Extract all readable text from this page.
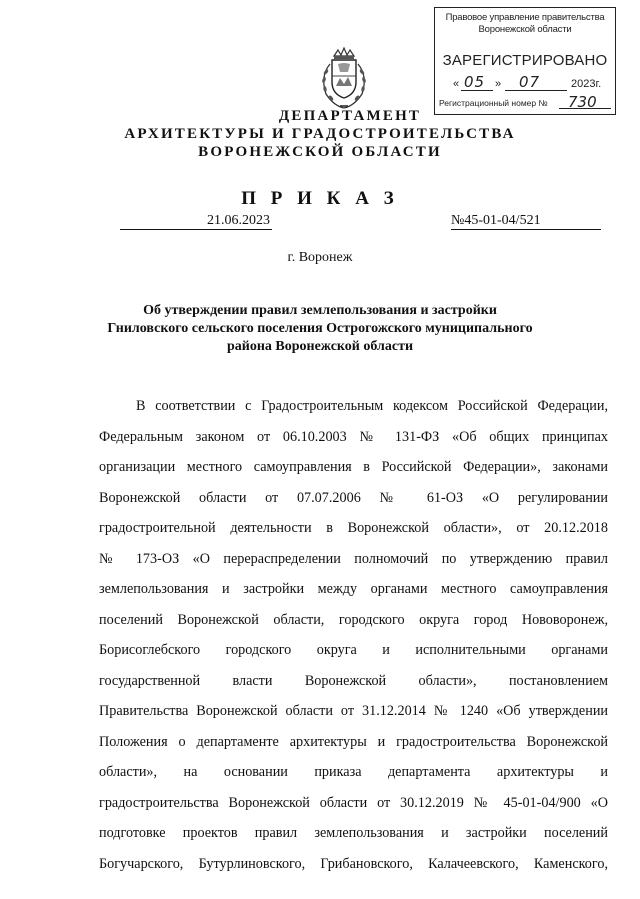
Правовое управление правительства
Воронежской области
ЗАРЕГИСТРИРОВАНО
« 05 » 07	2023г.
Регистрационный номер № 730
ДЕПАРТАМЕНТ
АРХИТЕКТУРЫ И ГРАДОСТРОИТЕЛЬСТВА
ВОРОНЕЖСКОЙ ОБЛАСТИ
П Р И К А З
21.06.2023	№45-01-04/521
г. Воронеж
Об утверждении правил землепользования и застройки
Гниловского сельского поселения Острогожского муниципального
района Воронежской области
В соответствии с Градостроительным кодексом Российской Федерации,
Федеральным законом от 06.10.2003 № 131-ФЗ «Об общих принципах
организации местного самоуправления в Российской Федерации», законами
Воронежской области от 07.07.2006 № 61-ОЗ «О регулировании
градостроительной деятельности в Воронежской области», от 20.12.2018
№ 173-ОЗ «О перераспределении полномочий по утверждению правил
землепользования и застройки между органами местного самоуправления
поселений Воронежской области, городского округа город Нововоронеж,
Борисоглебского городского округа и исполнительными органами
государственной власти Воронежской области», постановлением
Правительства Воронежской области от 31.12.2014 № 1240 «Об утверждении
Положения о департаменте архитектуры и градостроительства Воронежской
области», на основании приказа департамента архитектуры и
градостроительства Воронежской области от 30.12.2019 № 45-01-04/900 «О
подготовке проектов правил землепользования и застройки поселений
Богучарского, Бутурлиновского, Грибановского, Калачеевского, Каменского,
